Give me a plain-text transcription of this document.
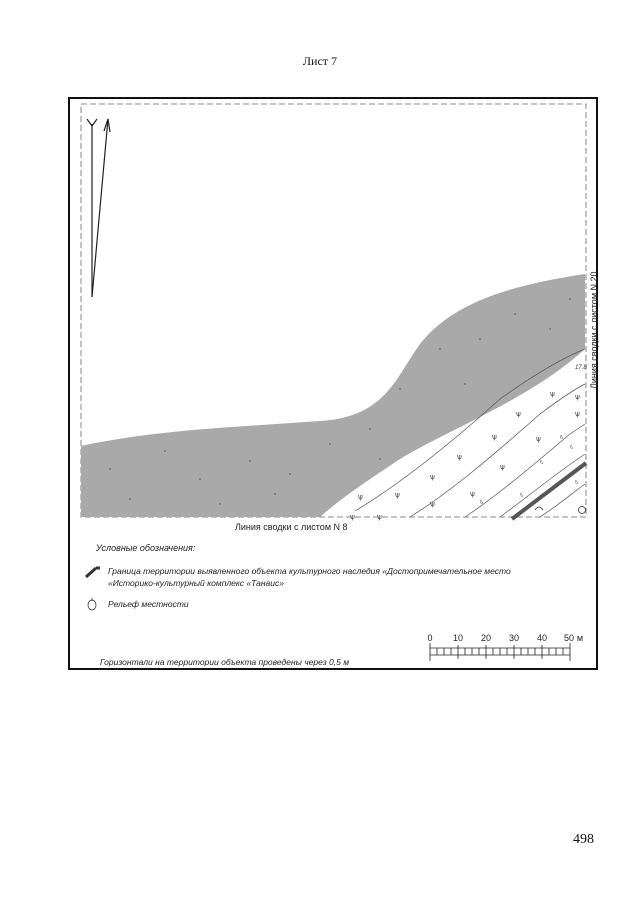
Лист 7
ѱ	ѱ
ѱ	ѱ
ѱ	ѱ
ѱ
ѱ
ѱ
ѱ
ѱ
ѱ
ѱ
ѱ
ѱ
\\
\\
\\
\\
\\
\\
17.8 Линия сводки с листом N 20
Линия сводки с листом N 8
Условные обозначения:
Граница территории выявленного объекта культурного наследия «Достопримечательное место
«Историко-культурный комплекс «Танаис»
Рельеф местности
0	10	20	30	40	50 м
Горизонтали на территории объекта проведены через 0,5 м
498
